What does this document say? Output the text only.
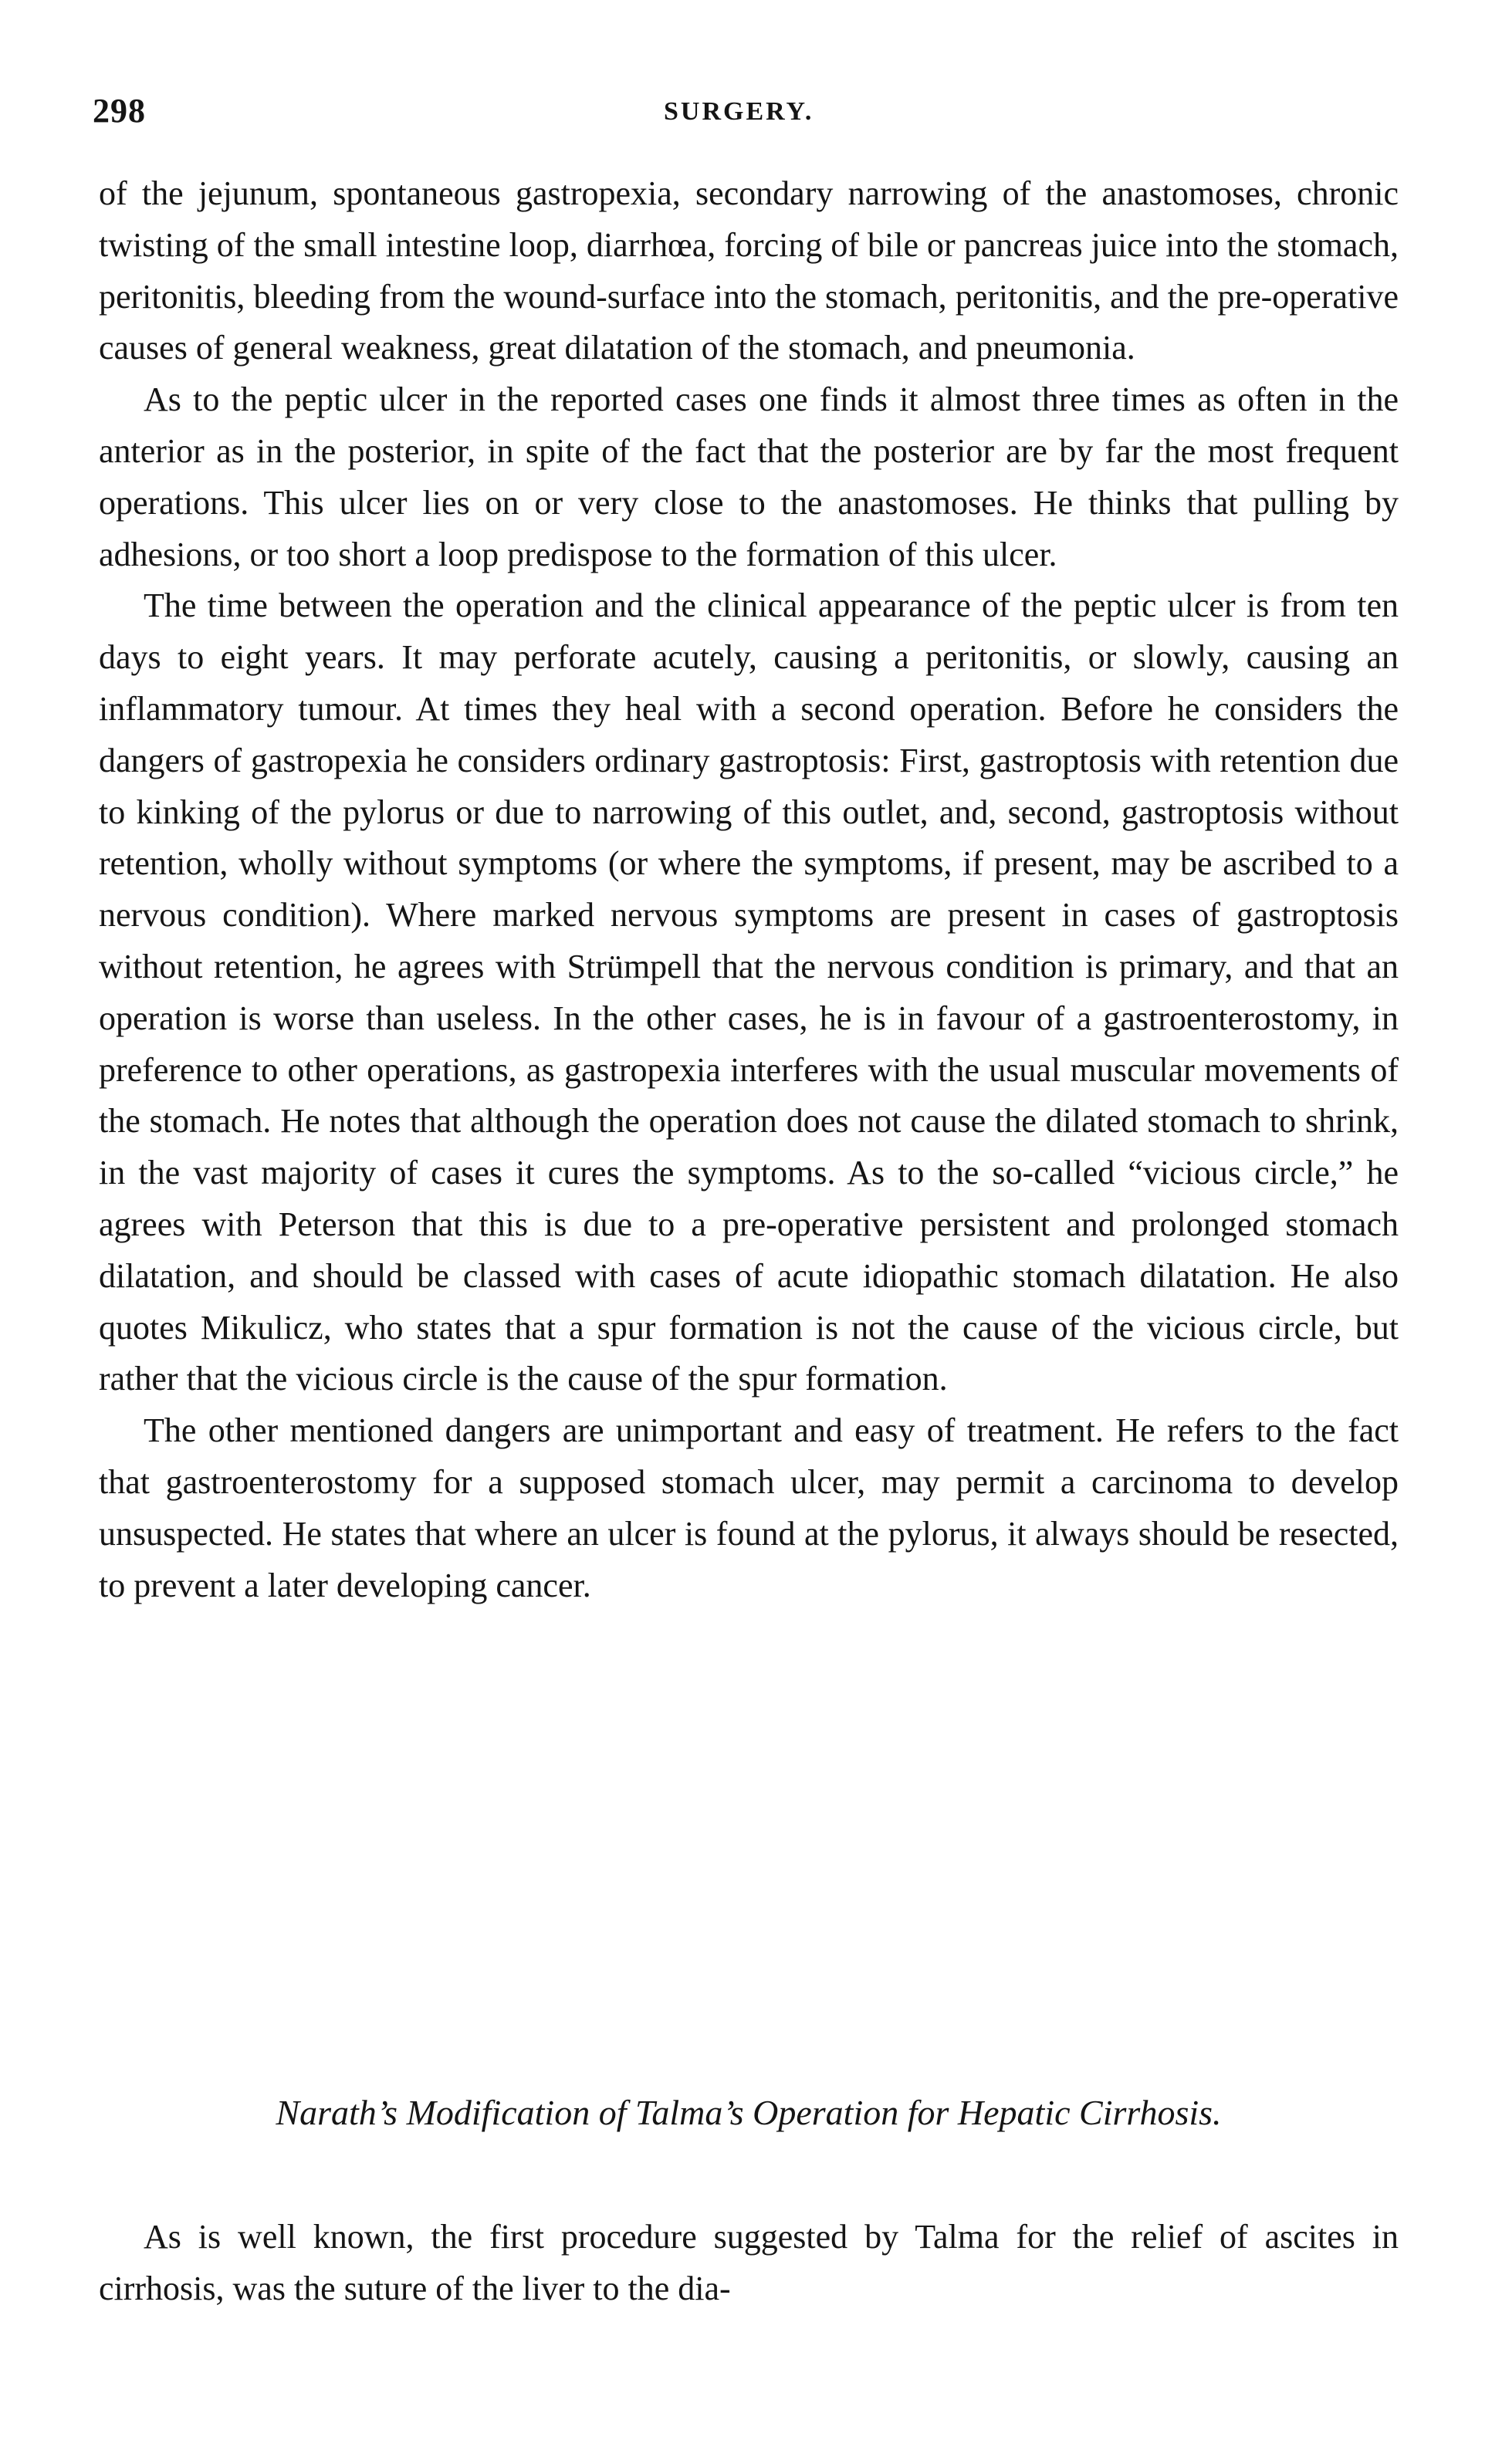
298	SURGERY.

of the jejunum, spontaneous gastropexia, secondary narrowing of the anastomoses, chronic twisting of the small intestine loop, diarrhœa, forcing of bile or pancreas juice into the stomach, peritonitis, bleeding from the wound-surface into the stomach, peritonitis, and the pre-operative causes of general weakness, great dilatation of the stomach, and pneumonia.

As to the peptic ulcer in the reported cases one finds it almost three times as often in the anterior as in the posterior, in spite of the fact that the posterior are by far the most frequent operations. This ulcer lies on or very close to the anastomoses. He thinks that pulling by adhesions, or too short a loop predispose to the formation of this ulcer.

The time between the operation and the clinical appearance of the peptic ulcer is from ten days to eight years. It may perforate acutely, causing a peritonitis, or slowly, causing an inflammatory tumour. At times they heal with a second operation. Before he considers the dangers of gastropexia he considers ordinary gastroptosis: First, gastroptosis with retention due to kinking of the pylorus or due to narrowing of this outlet, and, second, gastroptosis without retention, wholly without symptoms (or where the symptoms, if present, may be ascribed to a nervous condition). Where marked nervous symptoms are present in cases of gastroptosis without retention, he agrees with Strümpell that the nervous condition is primary, and that an operation is worse than useless. In the other cases, he is in favour of a gastroenterostomy, in preference to other operations, as gastropexia interferes with the usual muscular movements of the stomach. He notes that although the operation does not cause the dilated stomach to shrink, in the vast majority of cases it cures the symptoms. As to the so-called “vicious circle,” he agrees with Peterson that this is due to a pre-operative persistent and prolonged stomach dilatation, and should be classed with cases of acute idiopathic stomach dilatation. He also quotes Mikulicz, who states that a spur formation is not the cause of the vicious circle, but rather that the vicious circle is the cause of the spur formation.

The other mentioned dangers are unimportant and easy of treatment. He refers to the fact that gastroenterostomy for a supposed stomach ulcer, may permit a carcinoma to develop unsuspected. He states that where an ulcer is found at the pylorus, it always should be resected, to prevent a later developing cancer.

Narath’s Modification of Talma’s Operation for Hepatic Cirrhosis.

As is well known, the first procedure suggested by Talma for the relief of ascites in cirrhosis, was the suture of the liver to the dia-
